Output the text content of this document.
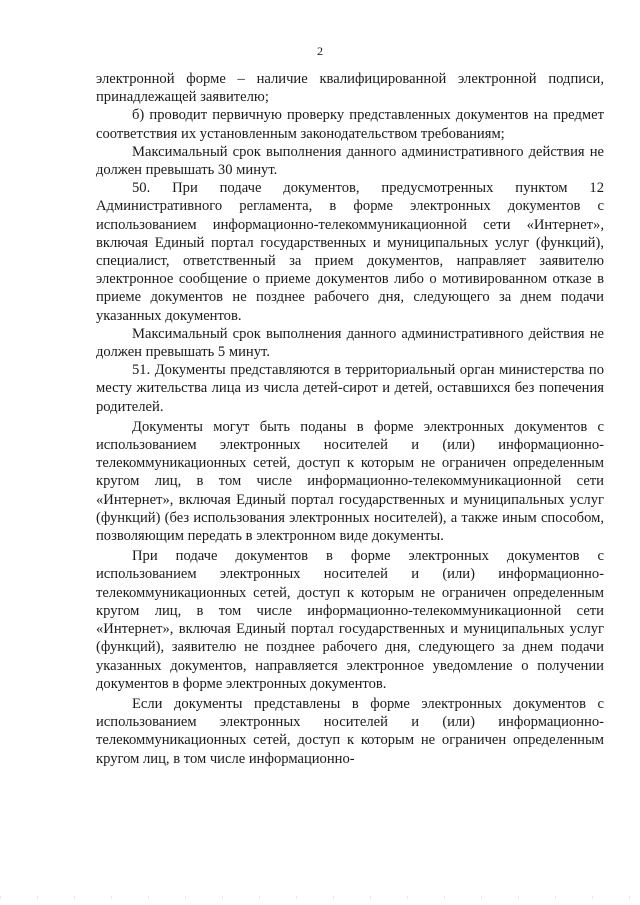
2

электронной форме – наличие квалифицированной электронной подписи, принадлежащей заявителю;

б) проводит первичную проверку представленных документов на предмет соответствия их установленным законодательством требованиям;

Максимальный срок выполнения данного административного действия не должен превышать 30 минут.

50. При подаче документов, предусмотренных пунктом 12 Административного регламента, в форме электронных документов с использованием информационно-телекоммуникационной сети «Интернет», включая Единый портал государственных и муниципальных услуг (функций), специалист, ответственный за прием документов, направляет заявителю электронное сообщение о приеме документов либо о мотивированном отказе в приеме документов не позднее рабочего дня, следующего за днем подачи указанных документов.

Максимальный срок выполнения данного административного действия не должен превышать 5 минут.

51. Документы представляются в территориальный орган министерства по месту жительства лица из числа детей-сирот и детей, оставшихся без попечения родителей.

Документы могут быть поданы в форме электронных документов с использованием электронных носителей и (или) информационно-телекоммуникационных сетей, доступ к которым не ограничен определенным кругом лиц, в том числе информационно-телекоммуникационной сети «Интернет», включая Единый портал государственных и муниципальных услуг (функций) (без использования электронных носителей), а также иным способом, позволяющим передать в электронном виде документы.

При подаче документов в форме электронных документов с использованием электронных носителей и (или) информационно-телекоммуникационных сетей, доступ к которым не ограничен определенным кругом лиц, в том числе информационно-телекоммуникационной сети «Интернет», включая Единый портал государственных и муниципальных услуг (функций), заявителю не позднее рабочего дня, следующего за днем подачи указанных документов, направляется электронное уведомление о получении документов в форме электронных документов.

Если документы представлены в форме электронных документов с использованием электронных носителей и (или) информационно-телекоммуникационных сетей, доступ к которым не ограничен определенным кругом лиц, в том числе информационно-
